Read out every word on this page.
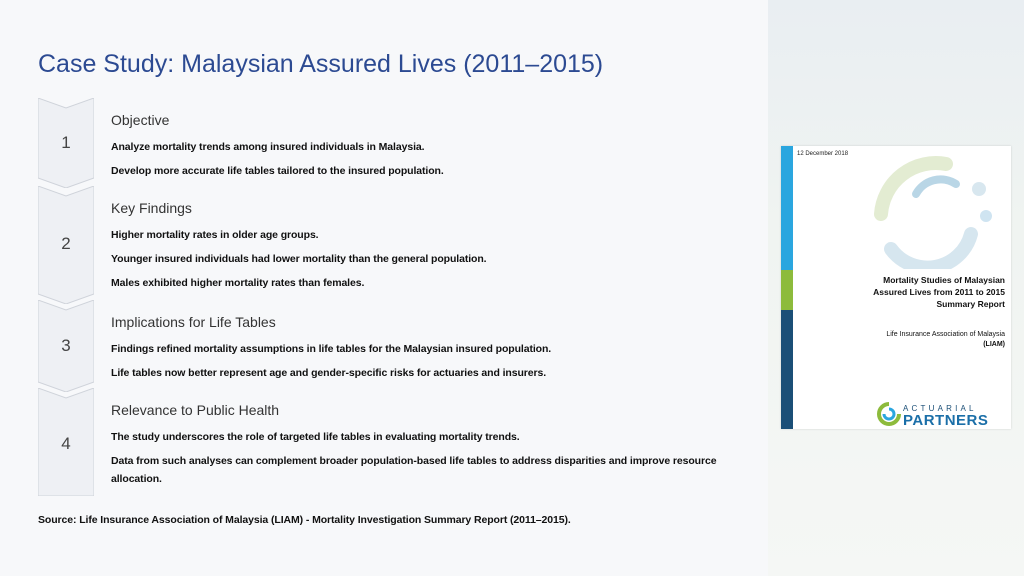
Case Study: Malaysian Assured Lives (2011–2015)
1
Objective
Analyze mortality trends among insured individuals in Malaysia.
Develop more accurate life tables tailored to the insured population.
2
Key Findings
Higher mortality rates in older age groups.
Younger insured individuals had lower mortality than the general population.
Males exhibited higher mortality rates than females.
3
Implications for Life Tables
Findings refined mortality assumptions in life tables for the Malaysian insured population.
Life tables now better represent age and gender-specific risks for actuaries and insurers.
4
Relevance to Public Health
The study underscores the role of targeted life tables in evaluating mortality trends.
Data from such analyses can complement broader population-based life tables to address disparities and improve resource allocation.
Source: Life Insurance Association of Malaysia (LIAM) - Mortality Investigation Summary Report (2011–2015).
12 December 2018
Mortality Studies of Malaysian
Assured Lives from 2011 to 2015
Summary Report
Life Insurance Association of Malaysia
(LIAM)
ACTUARIAL
PARTNERS
